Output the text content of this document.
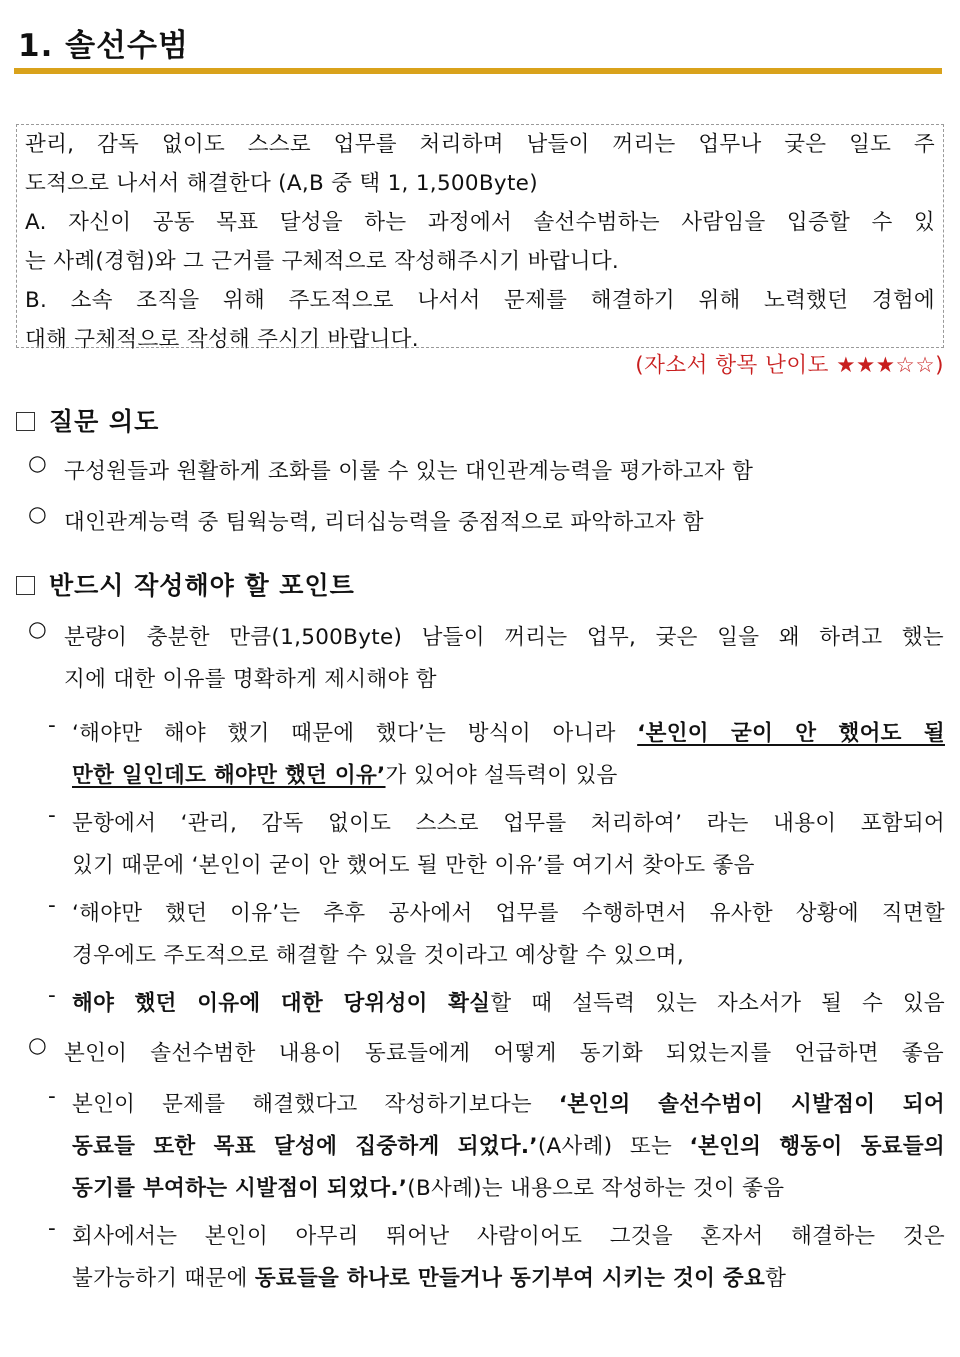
1. 솔선수범
관리, 감독 없이도 스스로 업무를 처리하며 남들이 꺼리는 업무나 궂은 일도 주
도적으로 나서서 해결한다 (A,B 중 택 1, 1,500Byte)
A. 자신이 공동 목표 달성을 하는 과정에서 솔선수범하는 사람임을 입증할 수 있
는 사례(경험)와 그 근거를 구체적으로 작성해주시기 바랍니다.
B. 소속 조직을 위해 주도적으로 나서서 문제를 해결하기 위해 노력했던 경험에
대해 구체적으로 작성해 주시기 바랍니다.
(자소서 항목 난이도 ★★★☆☆)
질문 의도
○ 구성원들과 원활하게 조화를 이룰 수 있는 대인관계능력을 평가하고자 함
○ 대인관계능력 중 팀웍능력, 리더십능력을 중점적으로 파악하고자 함
반드시 작성해야 할 포인트
○ 분량이 충분한 만큼(1,500Byte) 남들이 꺼리는 업무, 궂은 일을 왜 하려고 했는
지에 대한 이유를 명확하게 제시해야 함
- ‘해야만 해야 했기 때문에 했다’는 방식이 아니라 ‘본인이 굳이 안 했어도 될
만한 일인데도 해야만 했던 이유’가 있어야 설득력이 있음
- 문항에서 ‘관리, 감독 없이도 스스로 업무를 처리하여’ 라는 내용이 포함되어
있기 때문에 ‘본인이 굳이 안 했어도 될 만한 이유’를 여기서 찾아도 좋음
- ‘해야만 했던 이유’는 추후 공사에서 업무를 수행하면서 유사한 상황에 직면할
경우에도 주도적으로 해결할 수 있을 것이라고 예상할 수 있으며,
- 해야 했던 이유에 대한 당위성이 확실할 때 설득력 있는 자소서가 될 수 있음
○ 본인이 솔선수범한 내용이 동료들에게 어떻게 동기화 되었는지를 언급하면 좋음
- 본인이 문제를 해결했다고 작성하기보다는 ‘본인의 솔선수범이 시발점이 되어
동료들 또한 목표 달성에 집중하게 되었다.’(A사례) 또는 ‘본인의 행동이 동료들의
동기를 부여하는 시발점이 되었다.’(B사례)는 내용으로 작성하는 것이 좋음
- 회사에서는 본인이 아무리 뛰어난 사람이어도 그것을 혼자서 해결하는 것은
불가능하기 때문에 동료들을 하나로 만들거나 동기부여 시키는 것이 중요함
